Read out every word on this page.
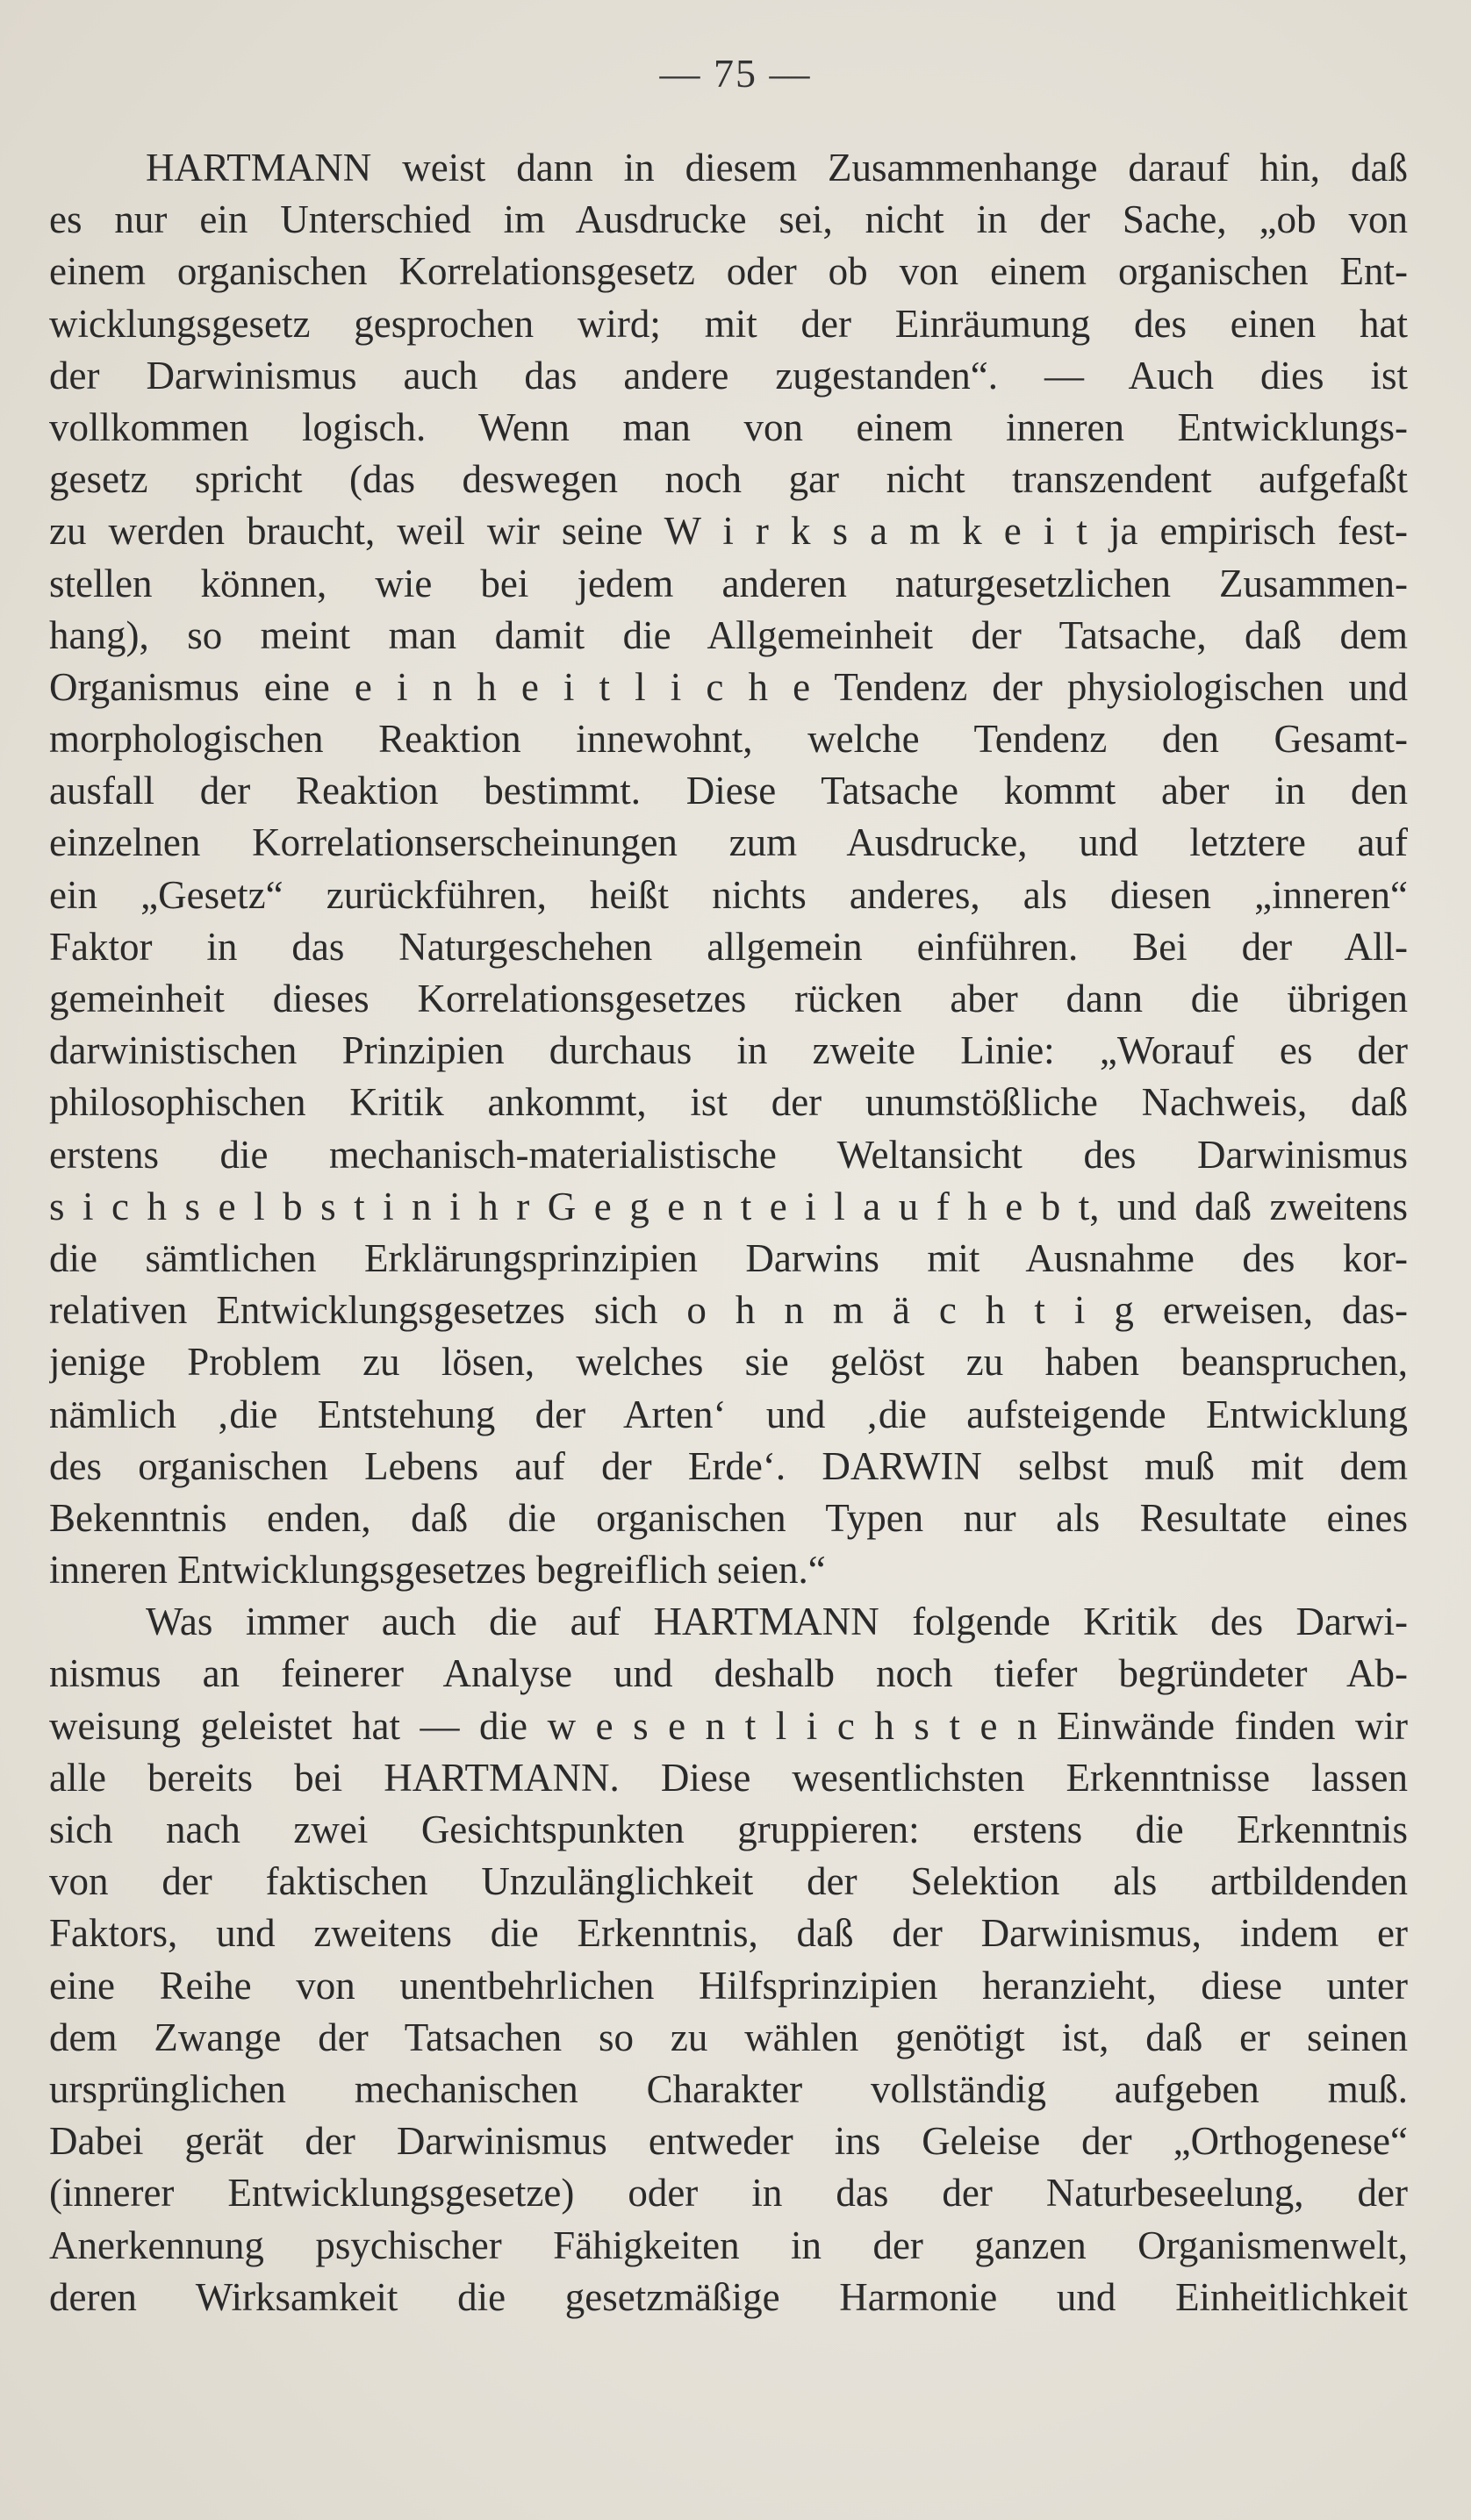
— 75 —
HARTMANN weist dann in diesem Zusammenhange darauf hin, daß
es nur ein Unterschied im Ausdrucke sei, nicht in der Sache, „ob von
einem organischen Korrelationsgesetz oder ob von einem organischen Ent-
wicklungsgesetz gesprochen wird; mit der Einräumung des einen hat
der Darwinismus auch das andere zugestanden“. — Auch dies ist
vollkommen logisch. Wenn man von einem inneren Entwicklungs-
gesetz spricht (das deswegen noch gar nicht transzendent aufgefaßt
zu werden braucht, weil wir seine W i r k s a m k e i t ja empirisch fest-
stellen können, wie bei jedem anderen naturgesetzlichen Zusammen-
hang), so meint man damit die Allgemeinheit der Tatsache, daß dem
Organismus eine e i n h e i t l i c h e Tendenz der physiologischen und
morphologischen Reaktion innewohnt, welche Tendenz den Gesamt-
ausfall der Reaktion bestimmt. Diese Tatsache kommt aber in den
einzelnen Korrelationserscheinungen zum Ausdrucke, und letztere auf
ein „Gesetz“ zurückführen, heißt nichts anderes, als diesen „inneren“
Faktor in das Naturgeschehen allgemein einführen. Bei der All-
gemeinheit dieses Korrelationsgesetzes rücken aber dann die übrigen
darwinistischen Prinzipien durchaus in zweite Linie: „Worauf es der
philosophischen Kritik ankommt, ist der unumstößliche Nachweis, daß
erstens die mechanisch-materialistische Weltansicht des Darwinismus
s i c h s e l b s t i n i h r G e g e n t e i l a u f h e b t, und daß zweitens
die sämtlichen Erklärungsprinzipien Darwins mit Ausnahme des kor-
relativen Entwicklungsgesetzes sich o h n m ä c h t i g erweisen, das-
jenige Problem zu lösen, welches sie gelöst zu haben beanspruchen,
nämlich ‚die Entstehung der Arten‘ und ‚die aufsteigende Entwicklung
des organischen Lebens auf der Erde‘. DARWIN selbst muß mit dem
Bekenntnis enden, daß die organischen Typen nur als Resultate eines
inneren Entwicklungsgesetzes begreiflich seien.“
Was immer auch die auf HARTMANN folgende Kritik des Darwi-
nismus an feinerer Analyse und deshalb noch tiefer begründeter Ab-
weisung geleistet hat — die w e s e n t l i c h s t e n Einwände finden wir
alle bereits bei HARTMANN. Diese wesentlichsten Erkenntnisse lassen
sich nach zwei Gesichtspunkten gruppieren: erstens die Erkenntnis
von der faktischen Unzulänglichkeit der Selektion als artbildenden
Faktors, und zweitens die Erkenntnis, daß der Darwinismus, indem er
eine Reihe von unentbehrlichen Hilfsprinzipien heranzieht, diese unter
dem Zwange der Tatsachen so zu wählen genötigt ist, daß er seinen
ursprünglichen mechanischen Charakter vollständig aufgeben muß.
Dabei gerät der Darwinismus entweder ins Geleise der „Orthogenese“
(innerer Entwicklungsgesetze) oder in das der Naturbeseelung, der
Anerkennung psychischer Fähigkeiten in der ganzen Organismenwelt,
deren Wirksamkeit die gesetzmäßige Harmonie und Einheitlichkeit
